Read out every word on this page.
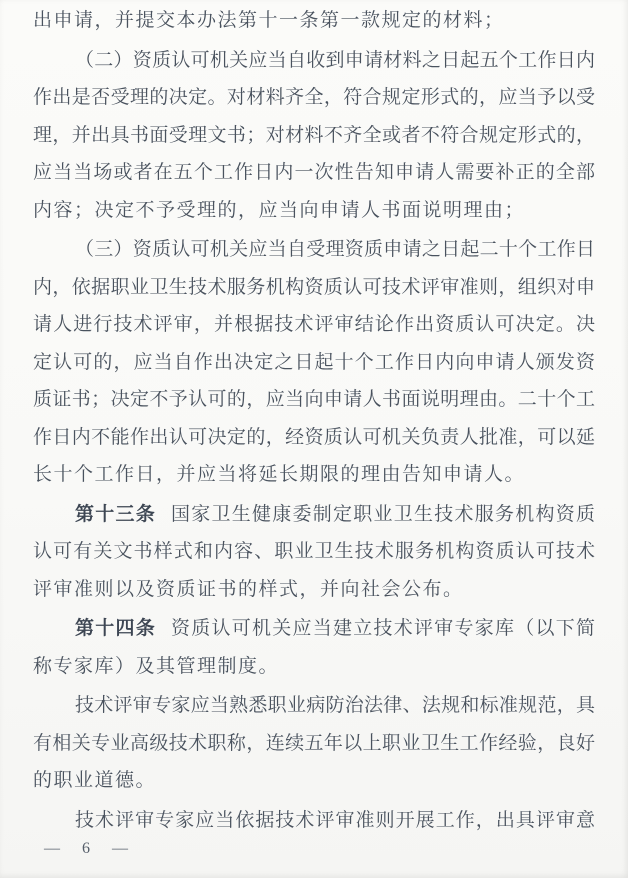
出申请，并提交本办法第十一条第一款规定的材料；
（二）资质认可机关应当自收到申请材料之日起五个工作日内
作出是否受理的决定。对材料齐全，符合规定形式的，应当予以受
理，并出具书面受理文书；对材料不齐全或者不符合规定形式的，
应当当场或者在五个工作日内一次性告知申请人需要补正的全部
内容；决定不予受理的，应当向申请人书面说明理由；
（三）资质认可机关应当自受理资质申请之日起二十个工作日
内，依据职业卫生技术服务机构资质认可技术评审准则，组织对申
请人进行技术评审，并根据技术评审结论作出资质认可决定。决
定认可的，应当自作出决定之日起十个工作日内向申请人颁发资
质证书；决定不予认可的，应当向申请人书面说明理由。二十个工
作日内不能作出认可决定的，经资质认可机关负责人批准，可以延
长十个工作日，并应当将延长期限的理由告知申请人。
第十三条 国家卫生健康委制定职业卫生技术服务机构资质
认可有关文书样式和内容、职业卫生技术服务机构资质认可技术
评审准则以及资质证书的样式，并向社会公布。
第十四条 资质认可机关应当建立技术评审专家库（以下简
称专家库）及其管理制度。
技术评审专家应当熟悉职业病防治法律、法规和标准规范，具
有相关专业高级技术职称，连续五年以上职业卫生工作经验，良好
的职业道德。
技术评审专家应当依据技术评审准则开展工作，出具评审意
— 6 —
